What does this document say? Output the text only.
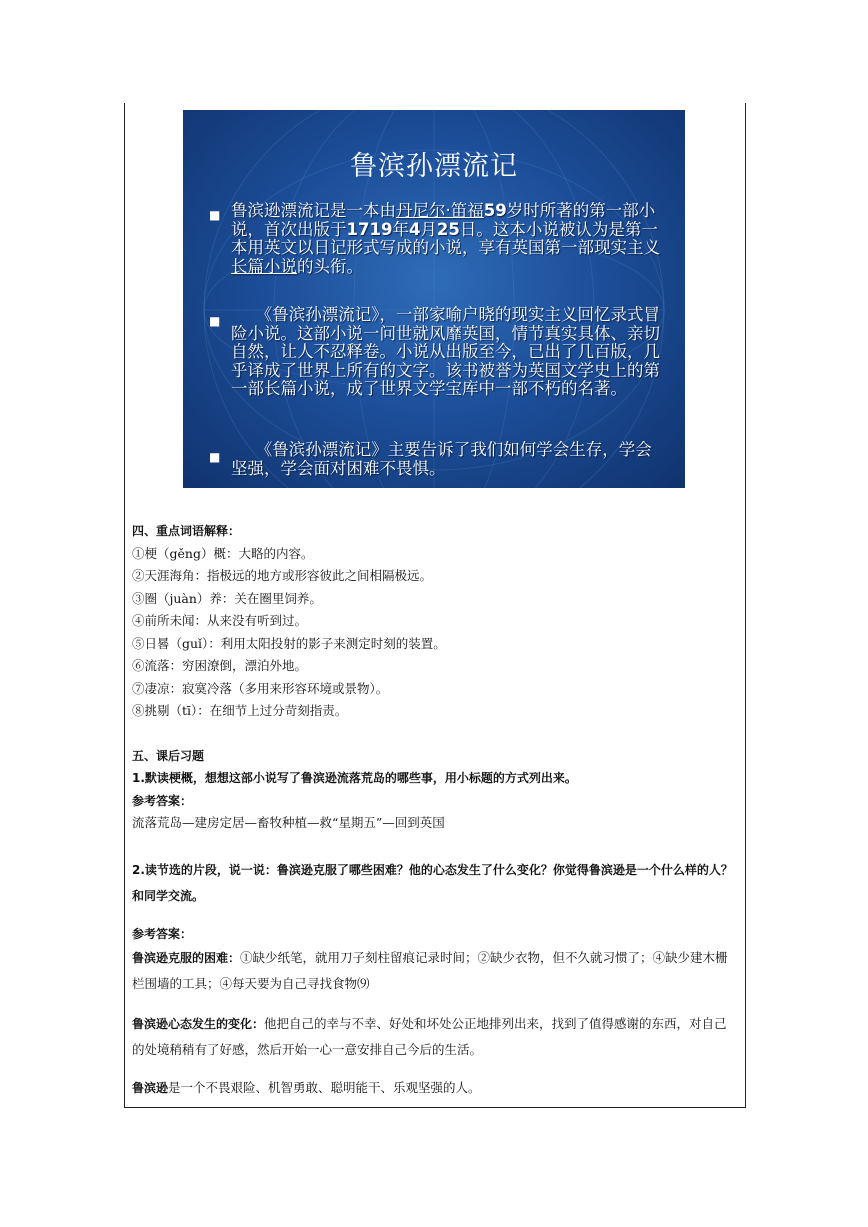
鲁滨孙漂流记
■ 鲁滨逊漂流记是一本由丹尼尔·笛福59岁时所著的第一部小说，首次出版于1719年4月25日。这本小说被认为是第一本用英文以日记形式写成的小说，享有英国第一部现实主义长篇小说的头衔。
■ 　　《鲁滨孙漂流记》，一部家喻户晓的现实主义回忆录式冒险小说。这部小说一问世就风靡英国，情节真实具体、亲切自然，让人不忍释卷。小说从出版至今，已出了几百版，几乎译成了世界上所有的文字。该书被誉为英国文学史上的第一部长篇小说，成了世界文学宝库中一部不朽的名著。
■ 　　《鲁滨孙漂流记》主要告诉了我们如何学会生存，学会坚强，学会面对困难不畏惧。

四、重点词语解释：

①梗（gěng）概：大略的内容。

②天涯海角：指极远的地方或形容彼此之间相隔极远。

③圈（juàn）养：关在圈里饲养。

④前所未闻：从来没有听到过。

⑤日晷（guǐ）：利用太阳投射的影子来测定时刻的装置。

⑥流落：穷困潦倒，漂泊外地。

⑦凄凉：寂寞冷落（多用来形容环境或景物）。

⑧挑剔（tī）：在细节上过分苛刻指责。

五、课后习题

1.默读梗概，想想这部小说写了鲁滨逊流落荒岛的哪些事，用小标题的方式列出来。

参考答案：

流落荒岛—建房定居—畜牧种植—救“星期五”—回到英国

2.读节选的片段，说一说：鲁滨逊克服了哪些困难？他的心态发生了什么变化？你觉得鲁滨逊是一个什么样的人？和同学交流。

参考答案：

鲁滨逊克服的困难：①缺少纸笔，就用刀子刻柱留痕记录时间；②缺少衣物，但不久就习惯了；④缺少建木栅栏围墙的工具；④每天要为自己寻找食物⑼

鲁滨逊心态发生的变化：他把自己的幸与不幸、好处和坏处公正地排列出来，找到了值得感谢的东西，对自己的处境稍稍有了好感，然后开始一心一意安排自己今后的生活。

鲁滨逊是一个不畏艰险、机智勇敢、聪明能干、乐观坚强的人。
